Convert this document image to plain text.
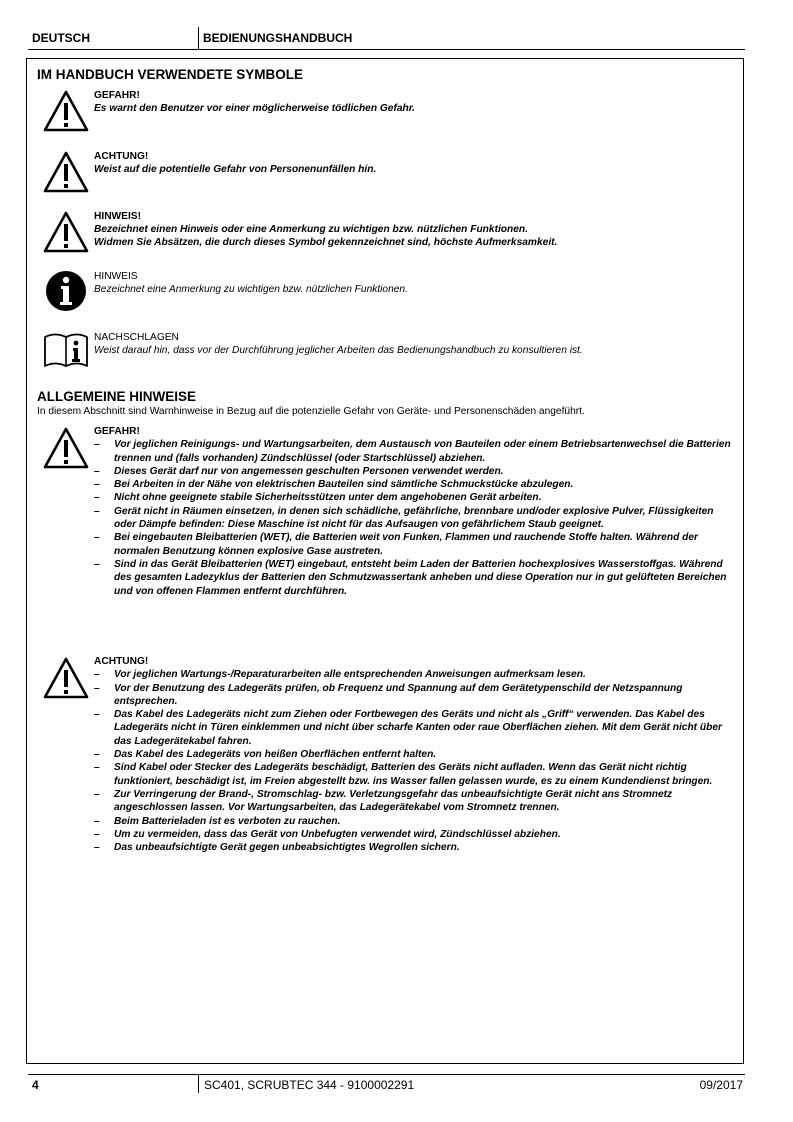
DEUTSCH	BEDIENUNGSHANDBUCH
IM HANDBUCH VERWENDETE SYMBOLE
GEFAHR!
Es warnt den Benutzer vor einer möglicherweise tödlichen Gefahr.
ACHTUNG!
Weist auf die potentielle Gefahr von Personenunfällen hin.
HINWEIS!
Bezeichnet einen Hinweis oder eine Anmerkung zu wichtigen bzw. nützlichen Funktionen.
Widmen Sie Absätzen, die durch dieses Symbol gekennzeichnet sind, höchste Aufmerksamkeit.
HINWEIS
Bezeichnet eine Anmerkung zu wichtigen bzw. nützlichen Funktionen.
NACHSCHLAGEN
Weist darauf hin, dass vor der Durchführung jeglicher Arbeiten das Bedienungshandbuch zu konsultieren ist.
ALLGEMEINE HINWEISE
In diesem Abschnitt sind Warnhinweise in Bezug auf die potenzielle Gefahr von Geräte- und Personenschäden angeführt.
GEFAHR!
– Vor jeglichen Reinigungs- und Wartungsarbeiten, dem Austausch von Bauteilen oder einem Betriebsartenwechsel die Batterien trennen und (falls vorhanden) Zündschlüssel (oder Startschlüssel) abziehen.
– Dieses Gerät darf nur von angemessen geschulten Personen verwendet werden.
– Bei Arbeiten in der Nähe von elektrischen Bauteilen sind sämtliche Schmuckstücke abzulegen.
– Nicht ohne geeignete stabile Sicherheitsstützen unter dem angehobenen Gerät arbeiten.
– Gerät nicht in Räumen einsetzen, in denen sich schädliche, gefährliche, brennbare und/oder explosive Pulver, Flüssigkeiten oder Dämpfe befinden: Diese Maschine ist nicht für das Aufsaugen von gefährlichem Staub geeignet.
– Bei eingebauten Bleibatterien (WET), die Batterien weit von Funken, Flammen und rauchende Stoffe halten. Während der normalen Benutzung können explosive Gase austreten.
– Sind in das Gerät Bleibatterien (WET) eingebaut, entsteht beim Laden der Batterien hochexplosives Wasserstoffgas. Während des gesamten Ladezyklus der Batterien den Schmutzwassertank anheben und diese Operation nur in gut gelüfteten Bereichen und von offenen Flammen entfernt durchführen.
ACHTUNG!
– Vor jeglichen Wartungs-/Reparaturarbeiten alle entsprechenden Anweisungen aufmerksam lesen.
– Vor der Benutzung des Ladegeräts prüfen, ob Frequenz und Spannung auf dem Gerätetypenschild der Netzspannung entsprechen.
– Das Kabel des Ladegeräts nicht zum Ziehen oder Fortbewegen des Geräts und nicht als „Griff“ verwenden. Das Kabel des Ladegeräts nicht in Türen einklemmen und nicht über scharfe Kanten oder raue Oberflächen ziehen. Mit dem Gerät nicht über das Ladegerätekabel fahren.
– Das Kabel des Ladegeräts von heißen Oberflächen entfernt halten.
– Sind Kabel oder Stecker des Ladegeräts beschädigt, Batterien des Geräts nicht aufladen. Wenn das Gerät nicht richtig funktioniert, beschädigt ist, im Freien abgestellt bzw. ins Wasser fallen gelassen wurde, es zu einem Kundendienst bringen.
– Zur Verringerung der Brand-, Stromschlag- bzw. Verletzungsgefahr das unbeaufsichtigte Gerät nicht ans Stromnetz angeschlossen lassen. Vor Wartungsarbeiten, das Ladegerätekabel vom Stromnetz trennen.
– Beim Batterieladen ist es verboten zu rauchen.
– Um zu vermeiden, dass das Gerät von Unbefugten verwendet wird, Zündschlüssel abziehen.
– Das unbeaufsichtigte Gerät gegen unbeabsichtigtes Wegrollen sichern.
4	SC401, SCRUBTEC 344 - 9100002291	09/2017
